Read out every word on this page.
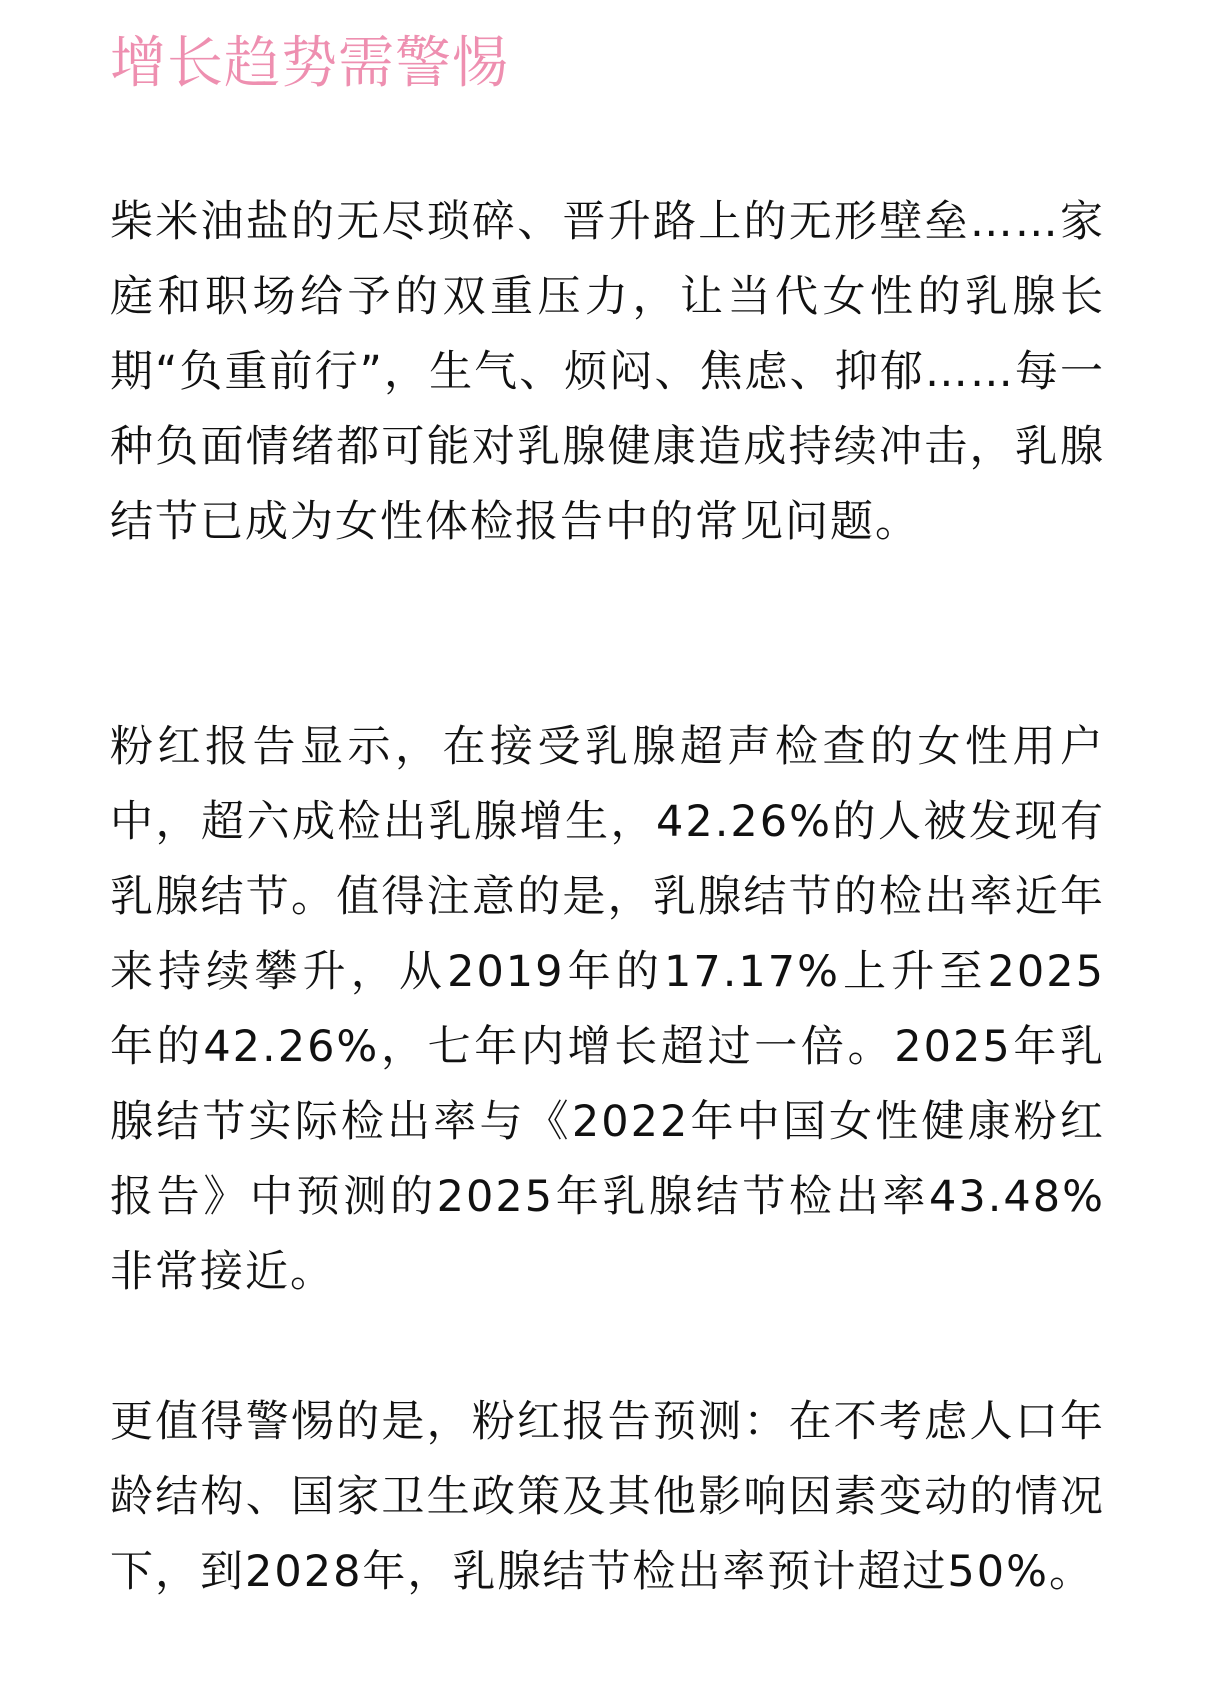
增长趋势需警惕

柴米油盐的无尽琐碎、晋升路上的无形壁垒……家庭和职场给予的双重压力，让当代女性的乳腺长期“负重前行”，生气、烦闷、焦虑、抑郁……每一种负面情绪都可能对乳腺健康造成持续冲击，乳腺结节已成为女性体检报告中的常见问题。

粉红报告显示，在接受乳腺超声检查的女性用户中，超六成检出乳腺增生，42.26%的人被发现有乳腺结节。值得注意的是，乳腺结节的检出率近年来持续攀升，从2019年的17.17%上升至2025年的42.26%，七年内增长超过一倍。2025年乳腺结节实际检出率与《2022年中国女性健康粉红报告》中预测的2025年乳腺结节检出率43.48%非常接近。

更值得警惕的是，粉红报告预测：在不考虑人口年龄结构、国家卫生政策及其他影响因素变动的情况下，到2028年，乳腺结节检出率预计超过50%。
